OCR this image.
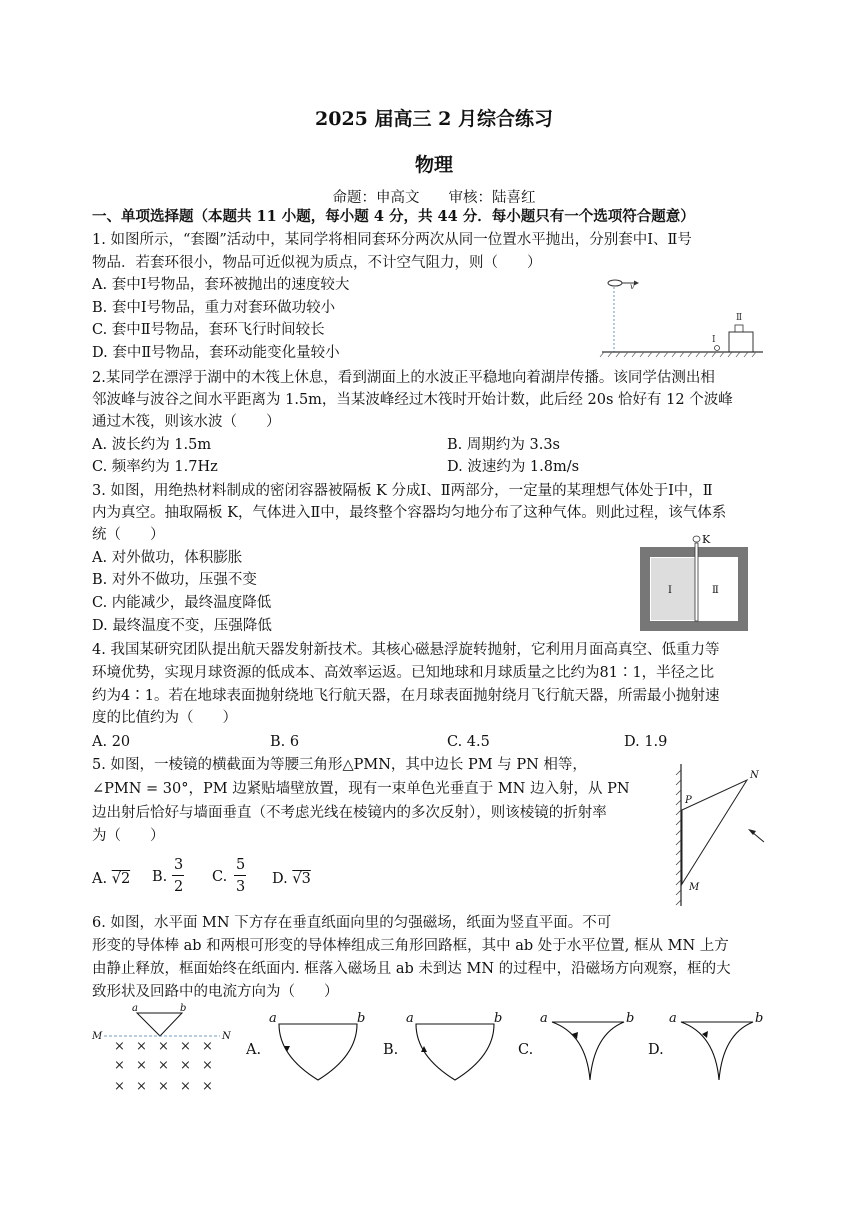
2025 届高三 2 月综合练习
物理
命题：申高文　　审核：陆喜红
一、单项选择题（本题共 11 小题，每小题 4 分，共 44 分．每小题只有一个选项符合题意）
1. 如图所示，“套圈”活动中，某同学将相同套环分两次从同一位置水平抛出，分别套中Ⅰ、Ⅱ号
物品．若套环很小，物品可近似视为质点，不计空气阻力，则（　　）
A. 套中Ⅰ号物品，套环被抛出的速度较大
B. 套中Ⅰ号物品，重力对套环做功较小
C. 套中Ⅱ号物品，套环飞行时间较长
D. 套中Ⅱ号物品，套环动能变化量较小
v
Ⅰ
Ⅱ
2.某同学在漂浮于湖中的木筏上休息，看到湖面上的水波正平稳地向着湖岸传播。该同学估测出相
邻波峰与波谷之间水平距离为 1.5m，当某波峰经过木筏时开始计数，此后经 20s 恰好有 12 个波峰
通过木筏，则该水波（　　）
A. 波长约为 1.5m	B. 周期约为 3.3s
C. 频率约为 1.7Hz	D. 波速约为 1.8m/s
3. 如图，用绝热材料制成的密闭容器被隔板 K 分成Ⅰ、Ⅱ两部分，一定量的某理想气体处于Ⅰ中，Ⅱ
内为真空。抽取隔板 K，气体进入Ⅱ中，最终整个容器均匀地分布了这种气体。则此过程，该气体系
统（　　）
A. 对外做功，体积膨胀
B. 对外不做功，压强不变
C. 内能减少，最终温度降低
D. 最终温度不变，压强降低
K
Ⅰ	Ⅱ
4. 我国某研究团队提出航天器发射新技术。其核心磁悬浮旋转抛射，它利用月面高真空、低重力等
环境优势，实现月球资源的低成本、高效率运返。已知地球和月球质量之比约为81∶1，半径之比
约为4∶1。若在地球表面抛射绕地飞行航天器，在月球表面抛射绕月飞行航天器，所需最小抛射速
度的比值约为（　　）
A. 20	B. 6	C. 4.5	D. 1.9
5. 如图，一棱镜的横截面为等腰三角形△PMN，其中边长 PM 与 PN 相等，
∠PMN = 30°，PM 边紧贴墙壁放置，现有一束单色光垂直于 MN 边入射，从 PN
边出射后恰好与墙面垂直（不考虑光线在棱镜内的多次反射），则该棱镜的折射率
为（　　）
A. √2 B.
3
2
C.
5
3 D. √3
N
P
M
6. 如图，水平面 MN 下方存在垂直纸面向里的匀强磁场，纸面为竖直平面。不可
形变的导体棒 ab 和两根可形变的导体棒组成三角形回路框，其中 ab 处于水平位置, 框从 MN 上方
由静止释放，框面始终在纸面内. 框落入磁场且 ab 未到达 MN 的过程中，沿磁场方向观察，框的大
致形状及回路中的电流方向为（　　）
a	b
M	N
× × × × ×
× × × × ×
× × × × ×
A.
a	b
B.
a	b
C.
a	b
D.
a	b
